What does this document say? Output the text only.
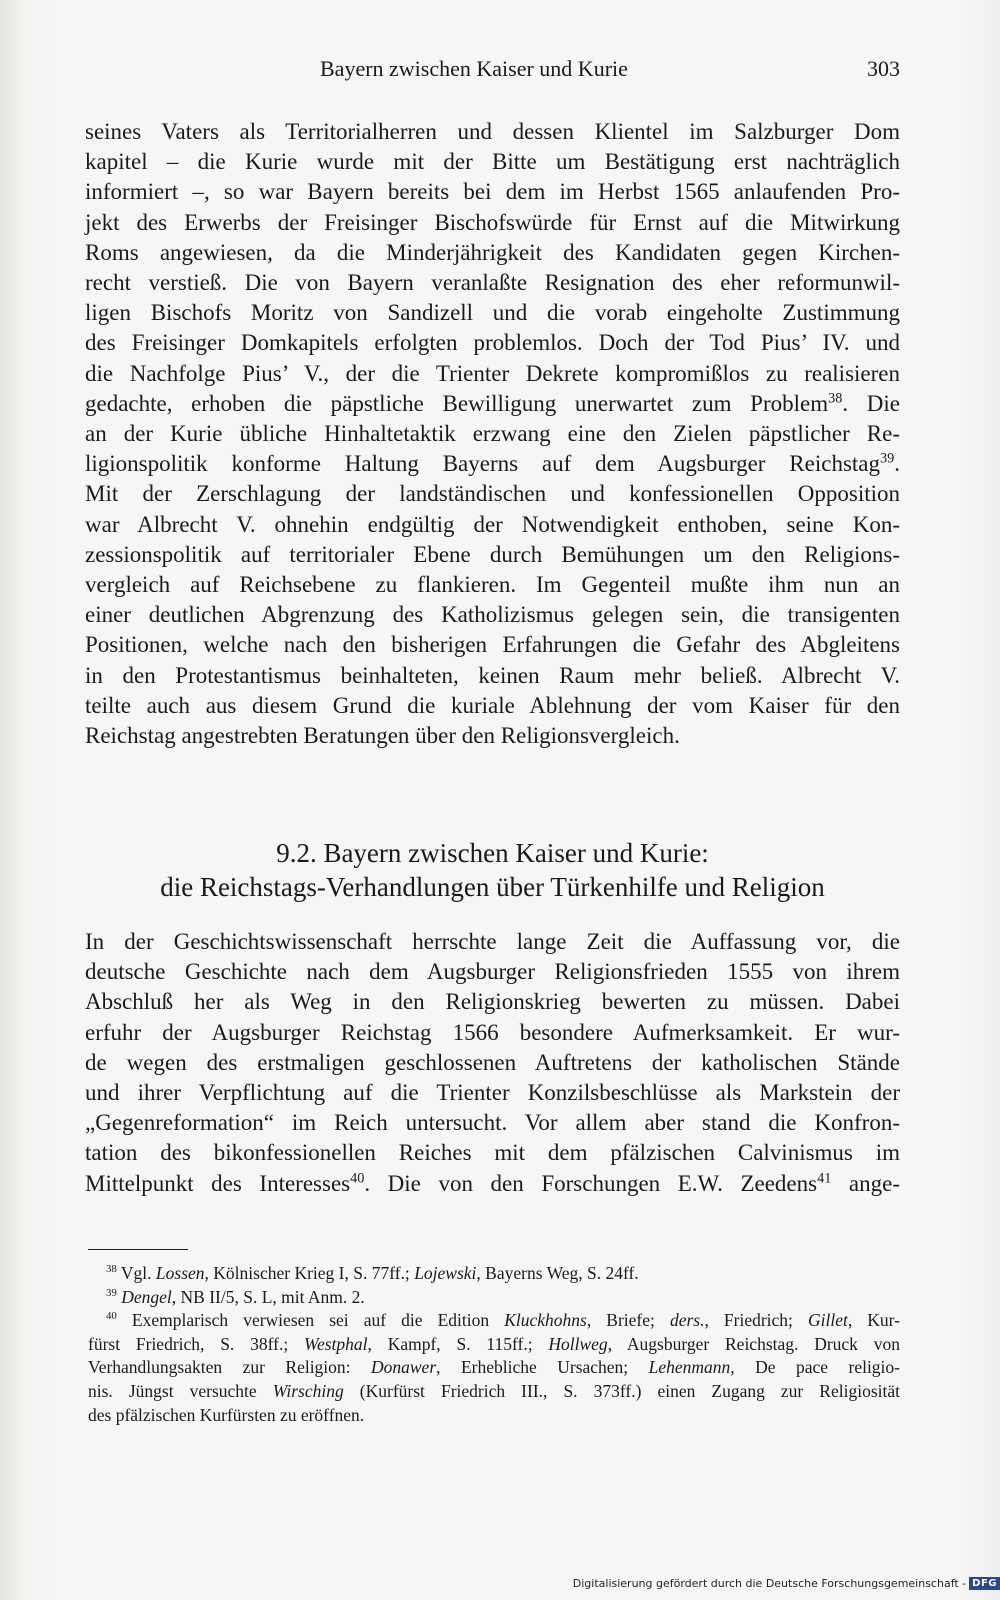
Bayern zwischen Kaiser und Kurie	303
seines Vaters als Territorialherren und dessen Klientel im Salzburger Dom
kapitel – die Kurie wurde mit der Bitte um Bestätigung erst nachträglich
informiert –, so war Bayern bereits bei dem im Herbst 1565 anlaufenden Pro-
jekt des Erwerbs der Freisinger Bischofswürde für Ernst auf die Mitwirkung
Roms angewiesen, da die Minderjährigkeit des Kandidaten gegen Kirchen-
recht verstieß. Die von Bayern veranlaßte Resignation des eher reformunwil-
ligen Bischofs Moritz von Sandizell und die vorab eingeholte Zustimmung
des Freisinger Domkapitels erfolgten problemlos. Doch der Tod Pius’ IV. und
die Nachfolge Pius’ V., der die Trienter Dekrete kompromißlos zu realisieren
gedachte, erhoben die päpstliche Bewilligung unerwartet zum Problem$^{38}$. Die
an der Kurie übliche Hinhaltetaktik erzwang eine den Zielen päpstlicher Re-
ligionspolitik konforme Haltung Bayerns auf dem Augsburger Reichstag$^{39}$.
Mit der Zerschlagung der landständischen und konfessionellen Opposition
war Albrecht V. ohnehin endgültig der Notwendigkeit enthoben, seine Kon-
zessionspolitik auf territorialer Ebene durch Bemühungen um den Religions-
vergleich auf Reichsebene zu flankieren. Im Gegenteil mußte ihm nun an
einer deutlichen Abgrenzung des Katholizismus gelegen sein, die transigenten
Positionen, welche nach den bisherigen Erfahrungen die Gefahr des Abgleitens
in den Protestantismus beinhalteten, keinen Raum mehr beließ. Albrecht V.
teilte auch aus diesem Grund die kuriale Ablehnung der vom Kaiser für den
Reichstag angestrebten Beratungen über den Religionsvergleich.
9.2. Bayern zwischen Kaiser und Kurie:
die Reichstags-Verhandlungen über Türkenhilfe und Religion
In der Geschichtswissenschaft herrschte lange Zeit die Auffassung vor, die
deutsche Geschichte nach dem Augsburger Religionsfrieden 1555 von ihrem
Abschluß her als Weg in den Religionskrieg bewerten zu müssen. Dabei
erfuhr der Augsburger Reichstag 1566 besondere Aufmerksamkeit. Er wur-
de wegen des erstmaligen geschlossenen Auftretens der katholischen Stände
und ihrer Verpflichtung auf die Trienter Konzilsbeschlüsse als Markstein der
„Gegenreformation“ im Reich untersucht. Vor allem aber stand die Konfron-
tation des bikonfessionellen Reiches mit dem pfälzischen Calvinismus im
Mittelpunkt des Interesses$^{40}$. Die von den Forschungen E.W. Zeedens$^{41}$ ange-
$^{38}$ Vgl. Lossen, Kölnischer Krieg I, S. 77ff.; Lojewski, Bayerns Weg, S. 24ff.
$^{39}$ Dengel, NB II/5, S. L, mit Anm. 2.
$^{40}$ Exemplarisch verwiesen sei auf die Edition Kluckhohns, Briefe; ders., Friedrich; Gillet, Kur-
fürst Friedrich, S. 38ff.; Westphal, Kampf, S. 115ff.; Hollweg, Augsburger Reichstag. Druck von
Verhandlungsakten zur Religion: Donawer, Erhebliche Ursachen; Lehenmann, De pace religio-
nis. Jüngst versuchte Wirsching (Kurfürst Friedrich III., S. 373ff.) einen Zugang zur Religiosität
des pfälzischen Kurfürsten zu eröffnen.
Digitalisierung gefördert durch die Deutsche Forschungsgemeinschaft - DFG
